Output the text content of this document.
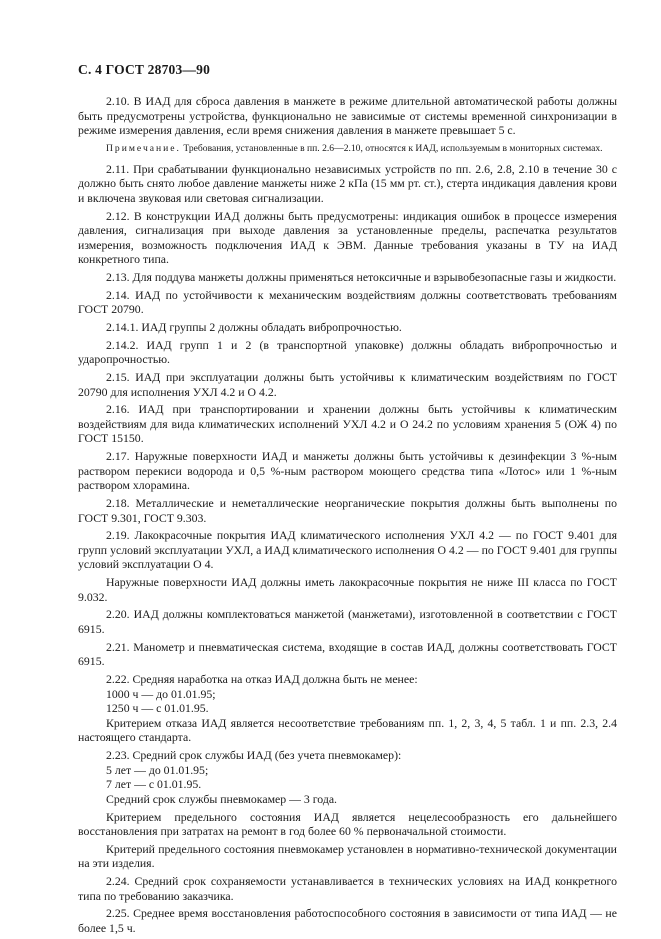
С. 4 ГОСТ 28703—90

2.10. В ИАД для сброса давления в манжете в режиме длительной автоматической работы должны быть предусмотрены устройства, функционально не зависимые от системы временной синхронизации в режиме измерения давления, если время снижения давления в манжете превышает 5 с.

Примечание. Требования, установленные в пп. 2.6—2.10, относятся к ИАД, используемым в мониторных системах.

2.11. При срабатывании функционально независимых устройств по пп. 2.6, 2.8, 2.10 в течение 30 с должно быть снято любое давление манжеты ниже 2 кПа (15 мм рт. ст.), стерта индикация давления крови и включена звуковая или световая сигнализации.

2.12. В конструкции ИАД должны быть предусмотрены: индикация ошибок в процессе измерения давления, сигнализация при выходе давления за установленные пределы, распечатка результатов измерения, возможность подключения ИАД к ЭВМ. Данные требования указаны в ТУ на ИАД конкретного типа.

2.13. Для поддува манжеты должны применяться нетоксичные и взрывобезопасные газы и жидкости.

2.14. ИАД по устойчивости к механическим воздействиям должны соответствовать требованиям ГОСТ 20790.

2.14.1. ИАД группы 2 должны обладать вибропрочностью.

2.14.2. ИАД групп 1 и 2 (в транспортной упаковке) должны обладать вибропрочностью и ударопрочностью.

2.15. ИАД при эксплуатации должны быть устойчивы к климатическим воздействиям по ГОСТ 20790 для исполнения УХЛ 4.2 и О 4.2.

2.16. ИАД при транспортировании и хранении должны быть устойчивы к климатическим воздействиям для вида климатических исполнений УХЛ 4.2 и О 24.2 по условиям хранения 5 (ОЖ 4) по ГОСТ 15150.

2.17. Наружные поверхности ИАД и манжеты должны быть устойчивы к дезинфекции 3 %-ным раствором перекиси водорода и 0,5 %-ным раствором моющего средства типа «Лотос» или 1 %-ным раствором хлорамина.

2.18. Металлические и неметаллические неорганические покрытия должны быть выполнены по ГОСТ 9.301, ГОСТ 9.303.

2.19. Лакокрасочные покрытия ИАД климатического исполнения УХЛ 4.2 — по ГОСТ 9.401 для групп условий эксплуатации УХЛ, а ИАД климатического исполнения О 4.2 — по ГОСТ 9.401 для группы условий эксплуатации О 4.

Наружные поверхности ИАД должны иметь лакокрасочные покрытия не ниже III класса по ГОСТ 9.032.

2.20. ИАД должны комплектоваться манжетой (манжетами), изготовленной в соответствии с ГОСТ 6915.

2.21. Манометр и пневматическая система, входящие в состав ИАД, должны соответствовать ГОСТ 6915.

2.22. Средняя наработка на отказ ИАД должна быть не менее:

1000 ч — до 01.01.95;

1250 ч — с 01.01.95.

Критерием отказа ИАД является несоответствие требованиям пп. 1, 2, 3, 4, 5 табл. 1 и пп. 2.3, 2.4 настоящего стандарта.

2.23. Средний срок службы ИАД (без учета пневмокамер):

5 лет — до 01.01.95;

7 лет — с 01.01.95.

Средний срок службы пневмокамер — 3 года.

Критерием предельного состояния ИАД является нецелесообразность его дальнейшего восстановления при затратах на ремонт в год более 60 % первоначальной стоимости.

Критерий предельного состояния пневмокамер установлен в нормативно-технической документации на эти изделия.

2.24. Средний срок сохраняемости устанавливается в технических условиях на ИАД конкретного типа по требованию заказчика.

2.25. Среднее время восстановления работоспособного состояния в зависимости от типа ИАД — не более 1,5 ч.
